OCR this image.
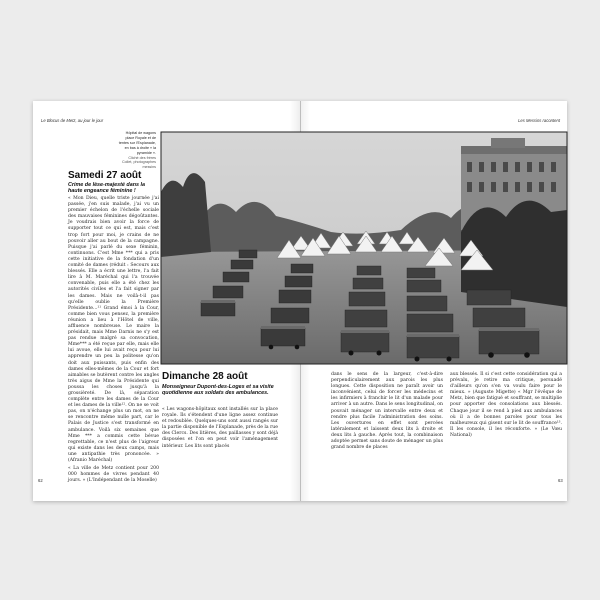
Le Blocus de Metz, au jour le jour	Les Messins racontent
Hôpital de wagons place Royale et de tentes sur l'Esplanade, en bas à droite « la pyramide ».
Cliché des frères Collet, photographes messins
Samedi 27 août
Crime de lèse-majesté dans la haute engeance féminine !

« Mon Dieu, quelle triste journée j'ai passée, j'en suis malade, j'ai vu un premier échelon de l'échelle sociale des mauvaises féminines dégoûtantes. Je voudrais bien avoir la force de supporter tout ce qui est, mais c'est trop fort pour moi, je crains de ne pouvoir aller au bout de la campagne. Puisque j'ai parlé du sexe féminin, continuons. C'est Mme *** qui a pris cette initiative de la fondation d'un comité de dames (réduit : Secours aux blessés. Elle a écrit une lettre, l'a fait lire à M. Maréchal qui l'a trouvée convenable, puis elle a été chez les autorités civiles et l'a fait signer par les dames. Mais ne voilà-t-il pas qu'elle oublie la Première Présidente...¹¹ Grand émoi à la Cour, comme bien vous pensez, la première réunion a lieu à l'Hôtel de ville, affluence nombreuse. Le maire la présidait, mais Mme Darnis ne s'y est pas rendue malgré sa convocation, Mme*** a été reçue par elle, mais elle lui avoue, elle lui avait reçu pour lui apprendre un peu la politesse qu'on doit aux puissants, puis enfin des dames elles-mêmes de la Cour et fort aimables se butèrent contre les angles très aigus de Mme la Présidente qui poussa les choses jusqu'à la grossièreté. De là, séparation complète entre les dames de la Cour et les dames de la ville¹². On ne se voit pas, on n'échange plus un mot, on ne se rencontre même nulle part, car le Palais de Justice s'est transformé en ambulance. Voilà six semaines que Mme *** a commis cette bévue regrettable, ce n'est plus de l'aigreur qui existe dans les deux camps, mais une antipathie très prononcée. » (Afranio Maréchal)

« La ville de Metz contient pour 200 000 hommes de vivres pendant 40 jours. » (L'Indépendant de la Moselle)

Dimanche 28 août
Monseigneur Dupont-des-Loges et sa visite quotidienne aux soldats des ambulances.

« Les wagons-hôpitaux sont installés sur la place royale. Ils s'étendent d'une ligne assez continue et redoublée. Quelques-uns sont aussi rangés sur la partie disponible de l'Esplanade, près de la rue des Clercs. Des litières, des paillasses y sont déjà disposées et l'on en peut voir l'aménagement intérieur. Les lits sont placés

dans le sens de la largeur, c'est-à-dire perpendiculairement aux parois les plus longues. Cette disposition ne paraît avoir un inconvénient, celui de forcer les médecins et les infirmiers à franchir le lit d'un malade pour arriver à un autre. Dans le sens longitudinal, on pouvait ménager un intervalle entre deux et rendre plus facile l'administration des soins. Les ouvertures en effet sont percées latéralement et laissent deux lits à droite et deux lits à gauche. Après tout, la combinaison adoptée permet sans doute de ménager un plus grand nombre de places

aux blessés. Il si c'est cette considération qui a prévalu, je retire ma critique, persuadé d'ailleurs qu'on s'en va voulu faire pour le mieux. » (Auguste Migette) « Mgr l'évêque de Metz, bien que fatigué et souffrant, se multiplie pour apporter des consolations aux blessés. Chaque jour il se rend à pied aux ambulances où il a de bonnes paroles pour tous les malheureux qui gisent sur le lit de souffrance¹³. Il les console, il les réconforte. » (Le Vœu National)

62	63
